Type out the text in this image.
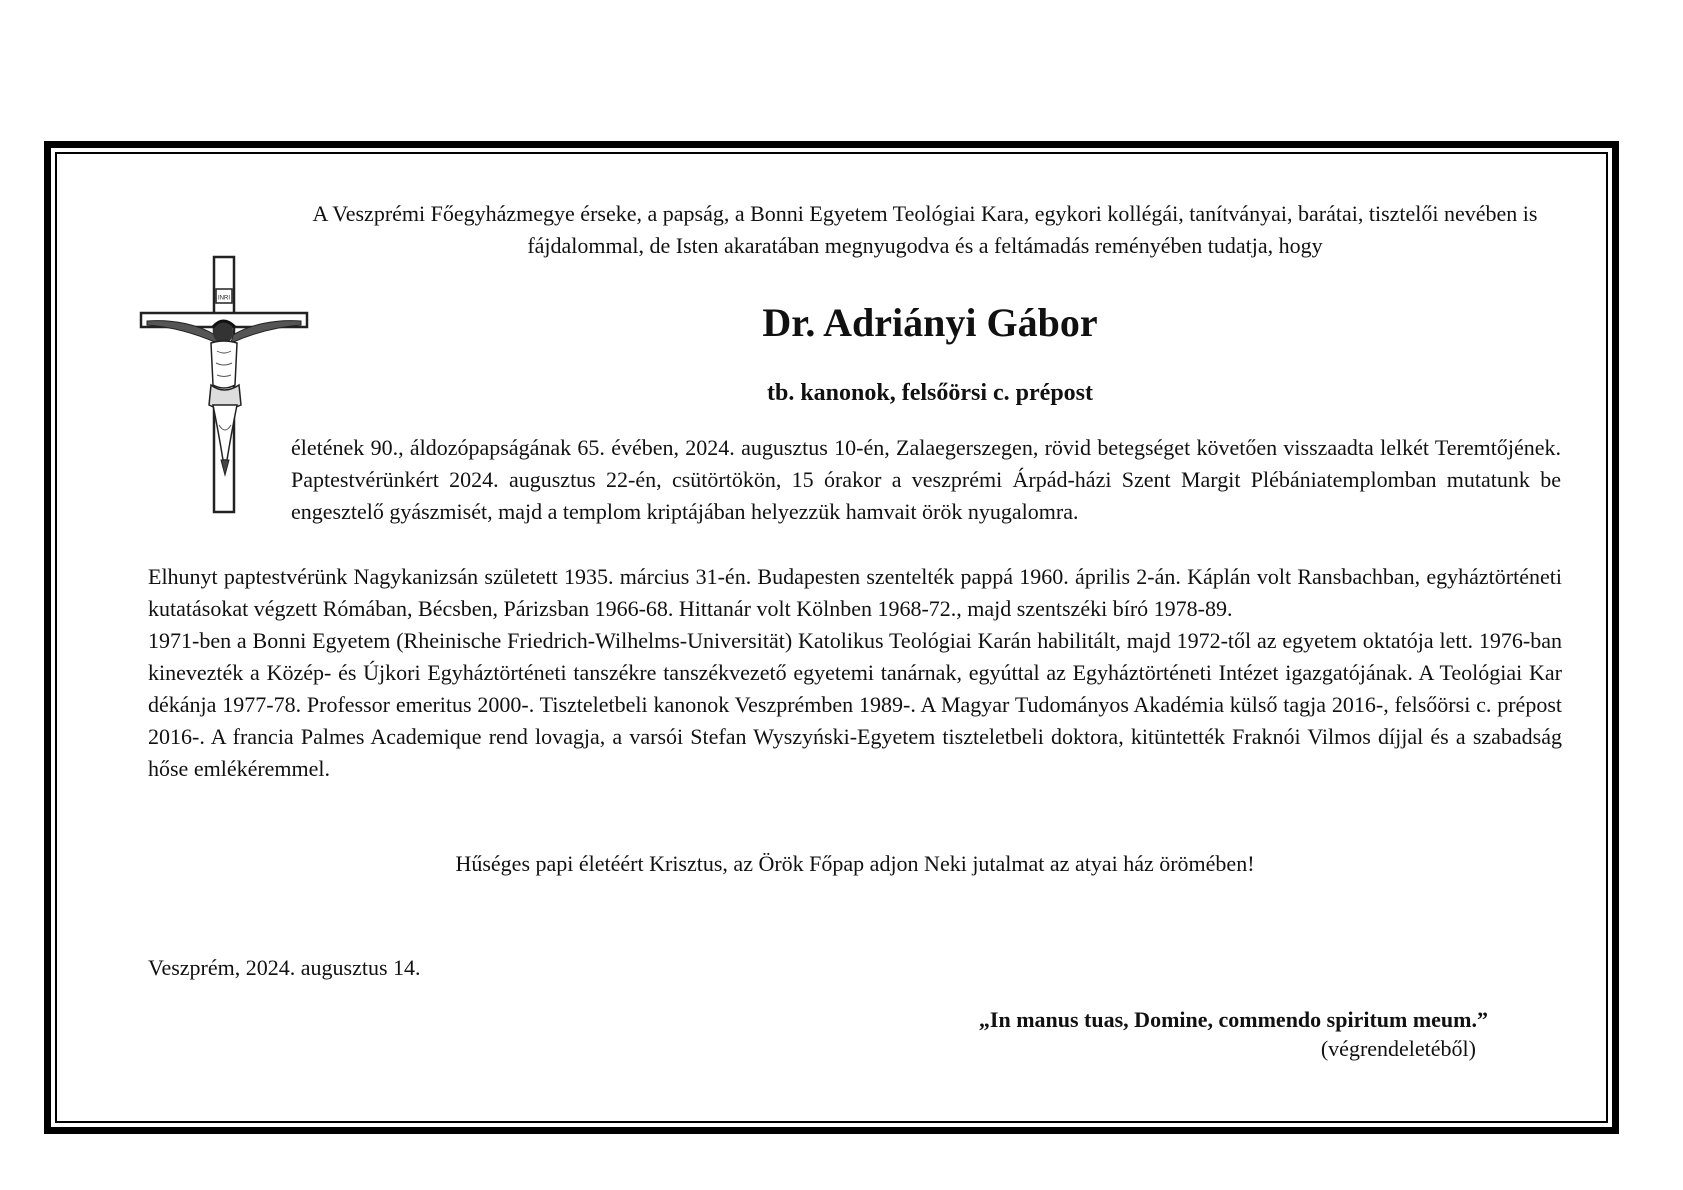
INRI

A Veszprémi Főegyházmegye érseke, a papság, a Bonni Egyetem Teológiai Kara, egykori kollégái, tanítványai, barátai, tisztelői nevében is fájdalommal, de Isten akaratában megnyugodva és a feltámadás reményében tudatja, hogy

Dr. Adriányi Gábor

tb. kanonok, felsőörsi c. prépost

életének 90., áldozópapságának 65. évében, 2024. augusztus 10-én, Zalaegerszegen, rövid betegséget követően visszaadta lelkét Teremtőjének. Paptestvérünkért 2024. augusztus 22-én, csütörtökön, 15 órakor a veszprémi Árpád-házi Szent Margit Plébániatemplomban mutatunk be engesztelő gyászmisét, majd a templom kriptájában helyezzük hamvait örök nyugalomra.

Elhunyt paptestvérünk Nagykanizsán született 1935. március 31-én. Budapesten szentelték pappá 1960. április 2-án. Káplán volt Ransbachban, egyháztörténeti kutatásokat végzett Rómában, Bécsben, Párizsban 1966-68. Hittanár volt Kölnben 1968-72., majd szentszéki bíró 1978-89.
1971-ben a Bonni Egyetem (Rheinische Friedrich-Wilhelms-Universität) Katolikus Teológiai Karán habilitált, majd 1972-től az egyetem oktatója lett. 1976-ban kinevezték a Közép- és Újkori Egyháztörténeti tanszékre tanszékvezető egyetemi tanárnak, egyúttal az Egyháztörténeti Intézet igazgatójának. A Teológiai Kar dékánja 1977-78. Professor emeritus 2000-. Tiszteletbeli kanonok Veszprémben 1989-. A Magyar Tudományos Akadémia külső tagja 2016-, felsőörsi c. prépost 2016-. A francia Palmes Academique rend lovagja, a varsói Stefan Wyszyński-Egyetem tiszteletbeli doktora, kitüntették Fraknói Vilmos díjjal és a szabadság hőse emlékéremmel.

Hűséges papi életéért Krisztus, az Örök Főpap adjon Neki jutalmat az atyai ház örömében!

Veszprém, 2024. augusztus 14.

„In manus tuas, Domine, commendo spiritum meum.”

(végrendeletéből)
